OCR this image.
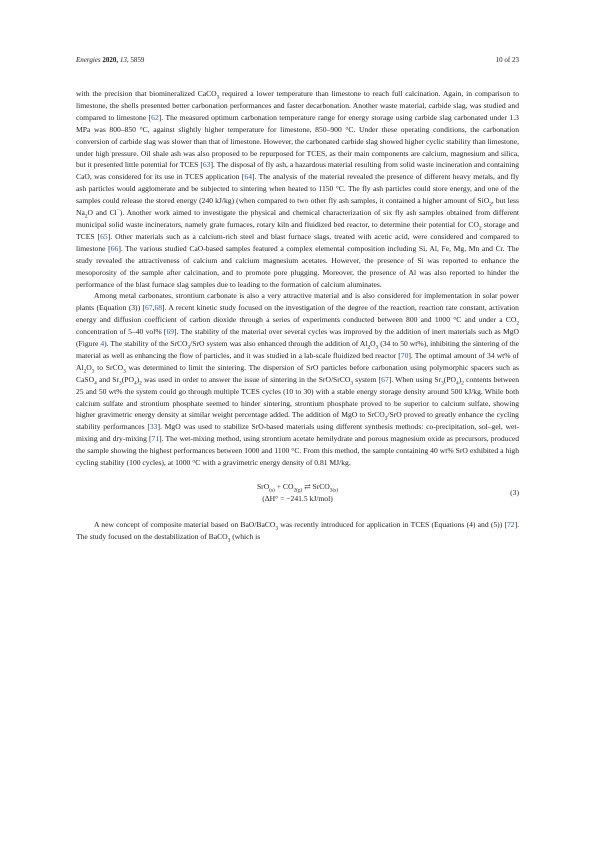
Energies 2020, 13, 5859	10 of 23

with the precision that biomineralized CaCO$_3$ required a lower temperature than limestone to reach full calcination. Again, in comparison to limestone, the shells presented better carbonation performances and faster decarbonation. Another waste material, carbide slag, was studied and compared to limestone [62]. The measured optimum carbonation temperature range for energy storage using carbide slag carbonated under 1.3 MPa was 800–850 °C, against slightly higher temperature for limestone, 850–900 °C. Under these operating conditions, the carbonation conversion of carbide slag was slower than that of limestone. However, the carbonated carbide slag showed higher cyclic stability than limestone, under high pressure. Oil shale ash was also proposed to be repurposed for TCES, as their main components are calcium, magnesium and silica, but it presented little potential for TCES [63]. The disposal of fly ash, a hazardous material resulting from solid waste incineration and containing CaO, was considered for its use in TCES application [64]. The analysis of the material revealed the presence of different heavy metals, and fly ash particles would agglomerate and be subjected to sintering when heated to 1150 °C. The fly ash particles could store energy, and one of the samples could release the stored energy (240 kJ/kg) (when compared to two other fly ash samples, it contained a higher amount of SiO$_2$, but less $Na_2O$ and Cl−). Another work aimed to investigate the physical and chemical characterization of six fly ash samples obtained from different municipal solid waste incinerators, namely grate furnaces, rotary kiln and fluidized bed reactor, to determine their potential for $CO_2$ storage and TCES [65]. Other materials such as a calcium-rich steel and blast furnace slags, treated with acetic acid, were considered and compared to limestone [66]. The various studied CaO-based samples featured a complex elemental composition including Si, Al, Fe, Mg, Mn and Cr. The study revealed the attractiveness of calcium and calcium magnesium acetates. However, the presence of Si was reported to enhance the mesoporosity of the sample after calcination, and to promote pore plugging. Moreover, the presence of Al was also reported to hinder the performance of the blast furnace slag samples due to leading to the formation of calcium aluminates.

Among metal carbonates, strontium carbonate is also a very attractive material and is also considered for implementation in solar power plants (Equation (3)) [67,68]. A recent kinetic study focused on the investigation of the degree of the reaction, reaction rate constant, activation energy and diffusion coefficient of carbon dioxide through a series of experiments conducted between 800 and 1000 °C and under a $CO_2$ concentration of 5–40 vol% [69]. The stability of the material over several cycles was improved by the addition of inert materials such as MgO (Figure 4). The stability of the SrCO$_3$/SrO system was also enhanced through the addition of $Al_2O_3$ (34 to 50 wt%), inhibiting the sintering of the material as well as enhancing the flow of particles, and it was studied in a lab-scale fluidized bed reactor [70]. The optimal amount of 34 wt% of $Al_2O_3$ to SrCO$_3$ was determined to limit the sintering. The dispersion of SrO particles before carbonation using polymorphic spacers such as CaSO$_4$ and $Sr_3(PO_4)_2$ was used in order to answer the issue of sintering in the SrO/SrCO$_3$ system [67]. When using $Sr_3(PO_4)_2$ contents between 25 and 50 wt% the system could go through multiple TCES cycles (10 to 30) with a stable energy storage density around 500 kJ/kg. While both calcium sulfate and strontium phosphate seemed to hinder sintering, strontium phosphate proved to be superior to calcium sulfate, showing higher gravimetric energy density at similar weight percentage added. The addition of MgO to SrCO$_3$/SrO proved to greatly enhance the cycling stability performances [33]. MgO was used to stabilize SrO-based materials using different synthesis methods: co-precipitation, sol–gel, wet-mixing and dry-mixing [71]. The wet-mixing method, using strontium acetate hemilydrate and porous magnesium oxide as precursors, produced the sample showing the highest performances between 1000 and 1100 °C. From this method, the sample containing 40 wt% SrO exhibited a high cycling stability (100 cycles), at 1000 °C with a gravimetric energy density of 0.81 MJ/kg.

$SrO_{(s)} + CO_{2(g)}$ ⇄ SrCO$_{3(s)}$
(ΔH° = −241.5 kJ/mol)
(3)

A new concept of composite material based on BaO/BaCO$_3$ was recently introduced for application in TCES (Equations (4) and (5)) [72]. The study focused on the destabilization of BaCO$_3$ (which is
